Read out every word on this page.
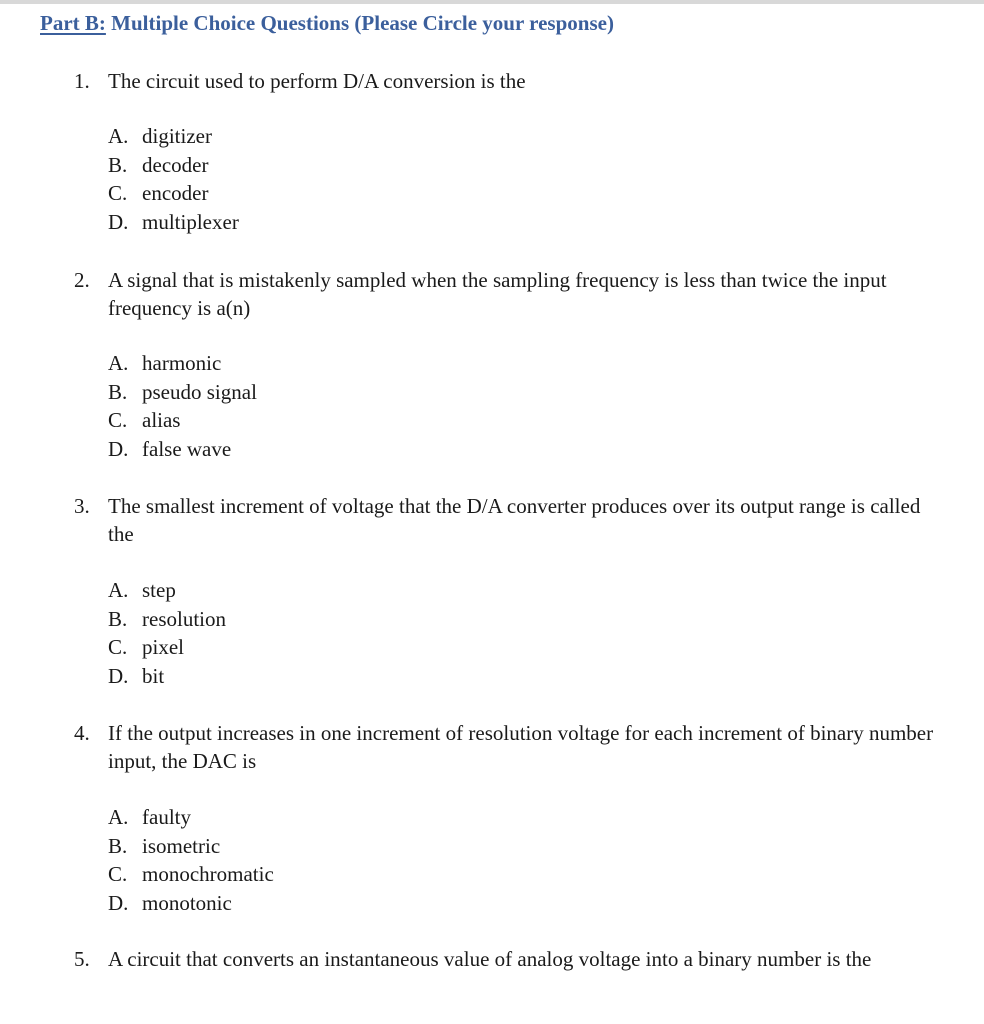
Part B: Multiple Choice Questions (Please Circle your response)
1. The circuit used to perform D/A conversion is the
A. digitizer
B. decoder
C. encoder
D. multiplexer
2. A signal that is mistakenly sampled when the sampling frequency is less than twice the input frequency is a(n)
A. harmonic
B. pseudo signal
C. alias
D. false wave
3. The smallest increment of voltage that the D/A converter produces over its output range is called the
A. step
B. resolution
C. pixel
D. bit
4. If the output increases in one increment of resolution voltage for each increment of binary number input, the DAC is
A. faulty
B. isometric
C. monochromatic
D. monotonic
5. A circuit that converts an instantaneous value of analog voltage into a binary number is the
